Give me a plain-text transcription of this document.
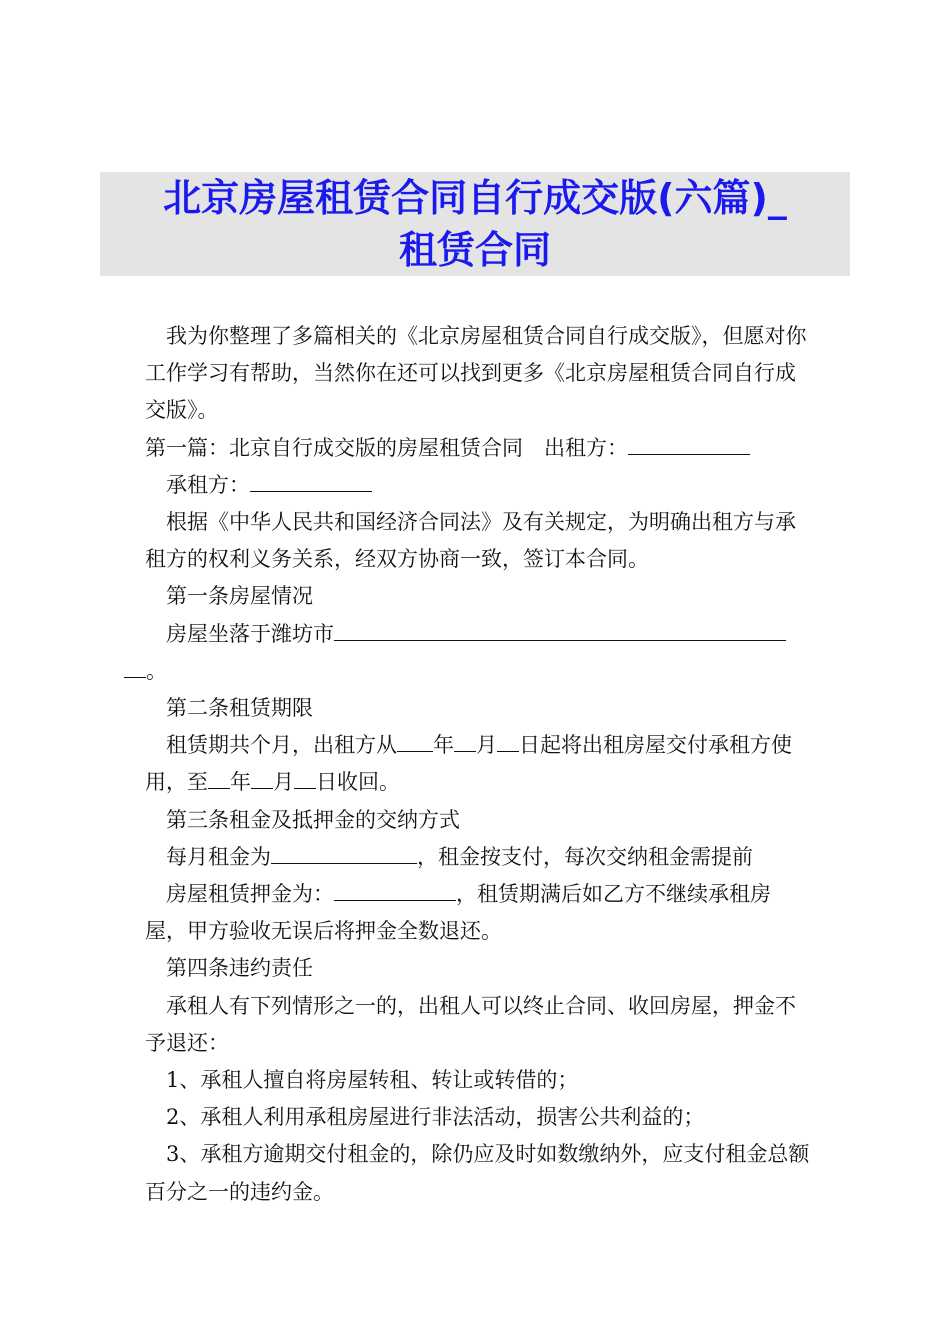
北京房屋租赁合同自行成交版(六篇)_
租赁合同

我为你整理了多篇相关的《北京房屋租赁合同自行成交版》，但愿对你工作学习有帮助，当然你在还可以找到更多《北京房屋租赁合同自行成交版》。

第一篇：北京自行成交版的房屋租赁合同　出租方：

承租方：

根据《中华人民共和国经济合同法》及有关规定，为明确出租方与承租方的权利义务关系，经双方协商一致，签订本合同。

第一条房屋情况

房屋坐落于潍坊市
。

第二条租赁期限

租赁期共个月，出租方从 年 月 日起将出租房屋交付承租方使用，至 年 月 日收回。

第三条租金及抵押金的交纳方式

每月租金为	，租金按支付，每次交纳租金需提前

房屋租赁押金为：	，租赁期满后如乙方不继续承租房屋，甲方验收无误后将押金全数退还。

第四条违约责任

承租人有下列情形之一的，出租人可以终止合同、收回房屋，押金不予退还：

1、承租人擅自将房屋转租、转让或转借的；

2、承租人利用承租房屋进行非法活动，损害公共利益的；

3、承租方逾期交付租金的，除仍应及时如数缴纳外，应支付租金总额百分之一的违约金。
